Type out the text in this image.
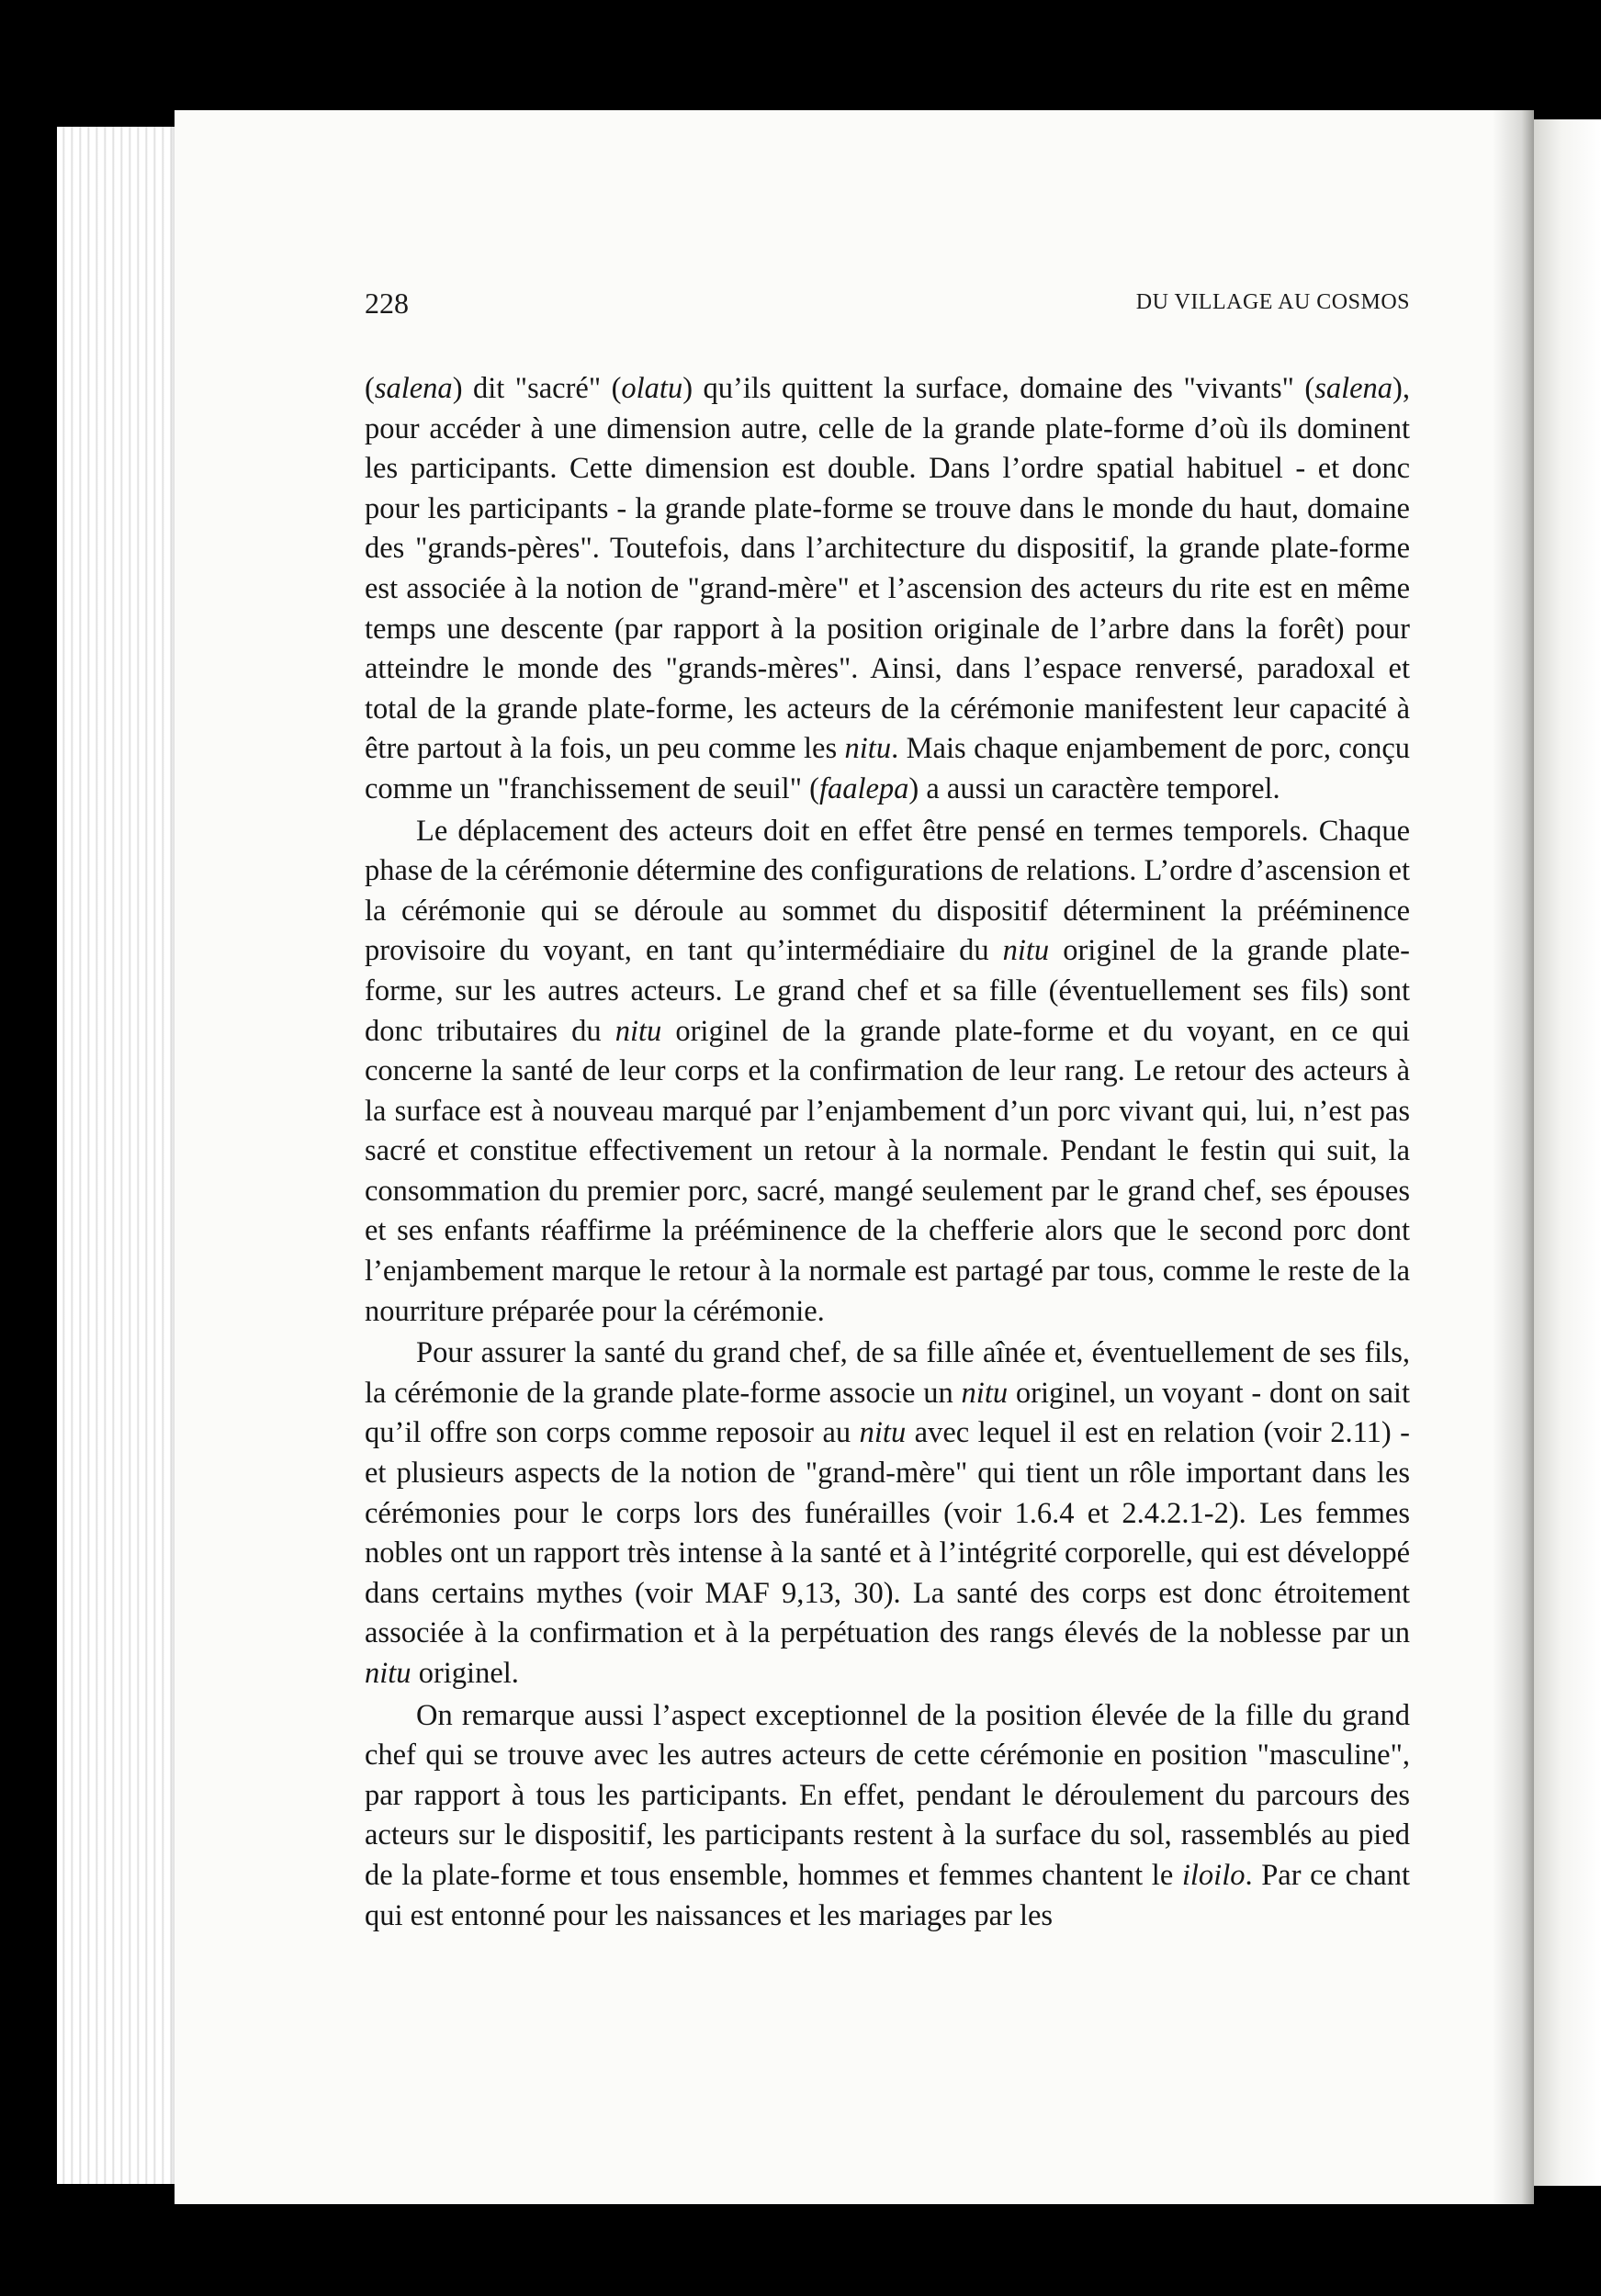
228	DU VILLAGE AU COSMOS

(salena) dit "sacré" (olatu) qu’ils quittent la surface, domaine des "vivants" (salena), pour accéder à une dimension autre, celle de la grande plate-forme d’où ils dominent les participants. Cette dimension est double. Dans l’ordre spatial habituel - et donc pour les participants - la grande plate-forme se trouve dans le monde du haut, domaine des "grands-pères". Toutefois, dans l’architecture du dispositif, la grande plate-forme est associée à la notion de "grand-mère" et l’ascension des acteurs du rite est en même temps une descente (par rapport à la position originale de l’arbre dans la forêt) pour atteindre le monde des "grands-mères". Ainsi, dans l’espace renversé, paradoxal et total de la grande plate-forme, les acteurs de la cérémonie manifestent leur capacité à être partout à la fois, un peu comme les nitu. Mais chaque enjambement de porc, conçu comme un "franchissement de seuil" (faalepa) a aussi un caractère temporel.

Le déplacement des acteurs doit en effet être pensé en termes temporels. Chaque phase de la cérémonie détermine des configurations de relations. L’ordre d’ascension et la cérémonie qui se déroule au sommet du dispositif déterminent la prééminence provisoire du voyant, en tant qu’intermédiaire du nitu originel de la grande plate-forme, sur les autres acteurs. Le grand chef et sa fille (éventuellement ses fils) sont donc tributaires du nitu originel de la grande plate-forme et du voyant, en ce qui concerne la santé de leur corps et la confirmation de leur rang. Le retour des acteurs à la surface est à nouveau marqué par l’enjambement d’un porc vivant qui, lui, n’est pas sacré et constitue effectivement un retour à la normale. Pendant le festin qui suit, la consommation du premier porc, sacré, mangé seulement par le grand chef, ses épouses et ses enfants réaffirme la prééminence de la chefferie alors que le second porc dont l’enjambement marque le retour à la normale est partagé par tous, comme le reste de la nourriture préparée pour la cérémonie.

Pour assurer la santé du grand chef, de sa fille aînée et, éventuellement de ses fils, la cérémonie de la grande plate-forme associe un nitu originel, un voyant - dont on sait qu’il offre son corps comme reposoir au nitu avec lequel il est en relation (voir 2.11) - et plusieurs aspects de la notion de "grand-mère" qui tient un rôle important dans les cérémonies pour le corps lors des funérailles (voir 1.6.4 et 2.4.2.1-2). Les femmes nobles ont un rapport très intense à la santé et à l’intégrité corporelle, qui est développé dans certains mythes (voir MAF 9,13, 30). La santé des corps est donc étroitement associée à la confirmation et à la perpétuation des rangs élevés de la noblesse par un nitu originel.

On remarque aussi l’aspect exceptionnel de la position élevée de la fille du grand chef qui se trouve avec les autres acteurs de cette cérémonie en position "masculine", par rapport à tous les participants. En effet, pendant le déroulement du parcours des acteurs sur le dispositif, les participants restent à la surface du sol, rassemblés au pied de la plate-forme et tous ensemble, hommes et femmes chantent le iloilo. Par ce chant qui est entonné pour les naissances et les mariages par les
